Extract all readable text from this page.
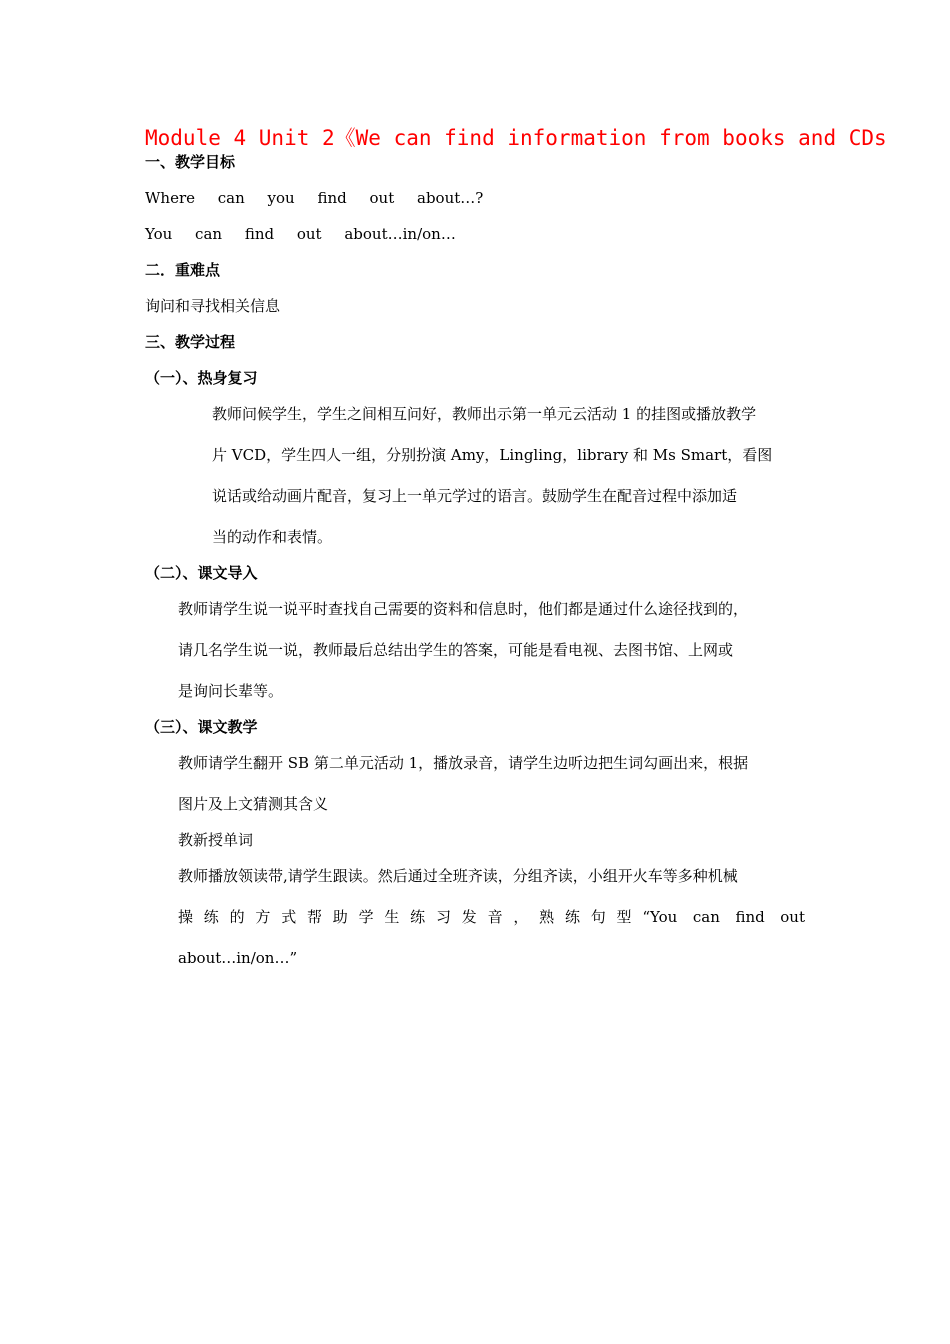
Module 4 Unit 2《We can find information from books and CDs
一、教学目标
Where can you find out about…?
You can find out about…in/on…
二．重难点
询问和寻找相关信息
三、教学过程
（一）、热身复习
教师问候学生，学生之间相互问好，教师出示第一单元云活动 1 的挂图或播放教学
片 VCD，学生四人一组，分别扮演 Amy，Lingling，library 和 Ms Smart，看图
说话或给动画片配音，复习上一单元学过的语言。鼓励学生在配音过程中添加适
当的动作和表情。
（二）、课文导入
教师请学生说一说平时查找自己需要的资料和信息时，他们都是通过什么途径找到的，
请几名学生说一说，教师最后总结出学生的答案，可能是看电视、去图书馆、上网或
是询问长辈等。
（三）、课文教学
教师请学生翻开 SB 第二单元活动 1，播放录音，请学生边听边把生词勾画出来，根据
图片及上文猜测其含义
教新授单词
教师播放领读带,请学生跟读。然后通过全班齐读，分组齐读，小组开火车等多种机械
操练的方式帮助学生练习发音，熟练句型“You can find out
about…in/on…”
